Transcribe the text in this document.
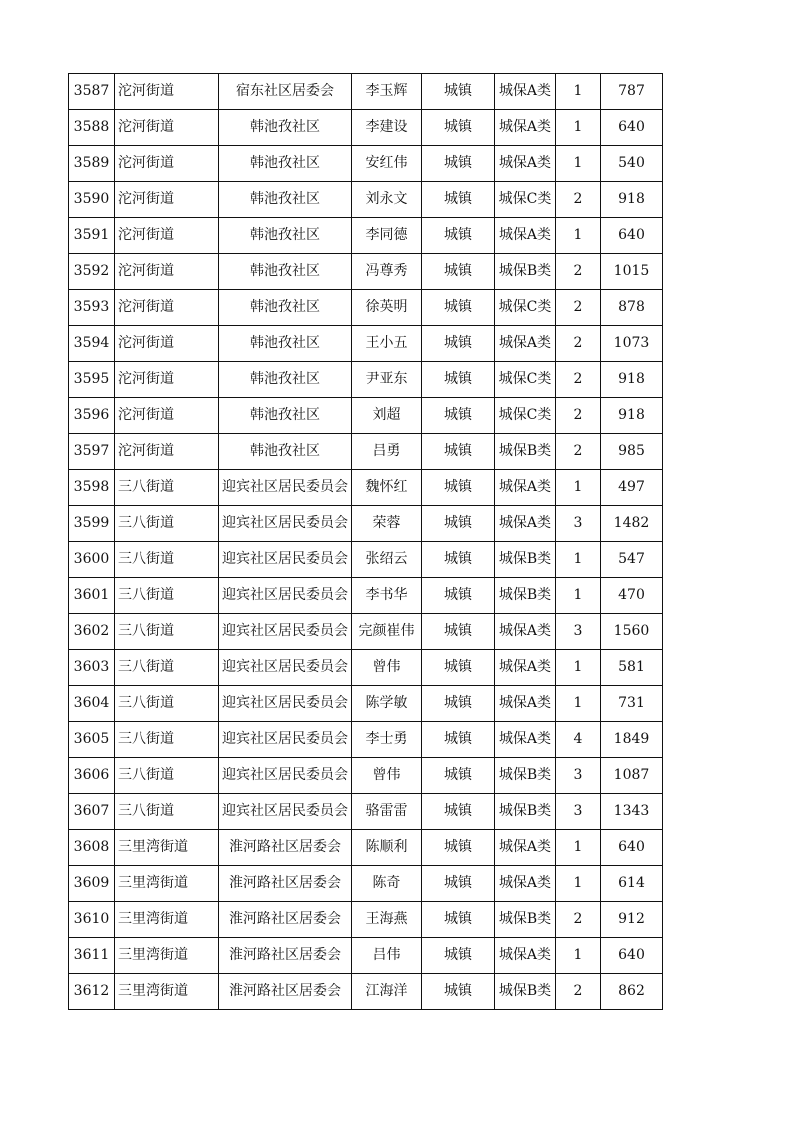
3587	沱河街道	宿东社区居委会	李玉辉	城镇	城保A类	1	787
3588	沱河街道	韩池孜社区	李建设	城镇	城保A类	1	640
3589	沱河街道	韩池孜社区	安红伟	城镇	城保A类	1	540
3590	沱河街道	韩池孜社区	刘永文	城镇	城保C类	2	918
3591	沱河街道	韩池孜社区	李同德	城镇	城保A类	1	640
3592	沱河街道	韩池孜社区	冯尊秀	城镇	城保B类	2	1015
3593	沱河街道	韩池孜社区	徐英明	城镇	城保C类	2	878
3594	沱河街道	韩池孜社区	王小五	城镇	城保A类	2	1073
3595	沱河街道	韩池孜社区	尹亚东	城镇	城保C类	2	918
3596	沱河街道	韩池孜社区	刘超	城镇	城保C类	2	918
3597	沱河街道	韩池孜社区	吕勇	城镇	城保B类	2	985
3598	三八街道	迎宾社区居民委员会	魏怀红	城镇	城保A类	1	497
3599	三八街道	迎宾社区居民委员会	荣蓉	城镇	城保A类	3	1482
3600	三八街道	迎宾社区居民委员会	张绍云	城镇	城保B类	1	547
3601	三八街道	迎宾社区居民委员会	李书华	城镇	城保B类	1	470
3602	三八街道	迎宾社区居民委员会	完颜崔伟	城镇	城保A类	3	1560
3603	三八街道	迎宾社区居民委员会	曾伟	城镇	城保A类	1	581
3604	三八街道	迎宾社区居民委员会	陈学敏	城镇	城保A类	1	731
3605	三八街道	迎宾社区居民委员会	李士勇	城镇	城保A类	4	1849
3606	三八街道	迎宾社区居民委员会	曾伟	城镇	城保B类	3	1087
3607	三八街道	迎宾社区居民委员会	骆雷雷	城镇	城保B类	3	1343
3608	三里湾街道	淮河路社区居委会	陈顺利	城镇	城保A类	1	640
3609	三里湾街道	淮河路社区居委会	陈奇	城镇	城保A类	1	614
3610	三里湾街道	淮河路社区居委会	王海燕	城镇	城保B类	2	912
3611	三里湾街道	淮河路社区居委会	吕伟	城镇	城保A类	1	640
3612	三里湾街道	淮河路社区居委会	江海洋	城镇	城保B类	2	862
